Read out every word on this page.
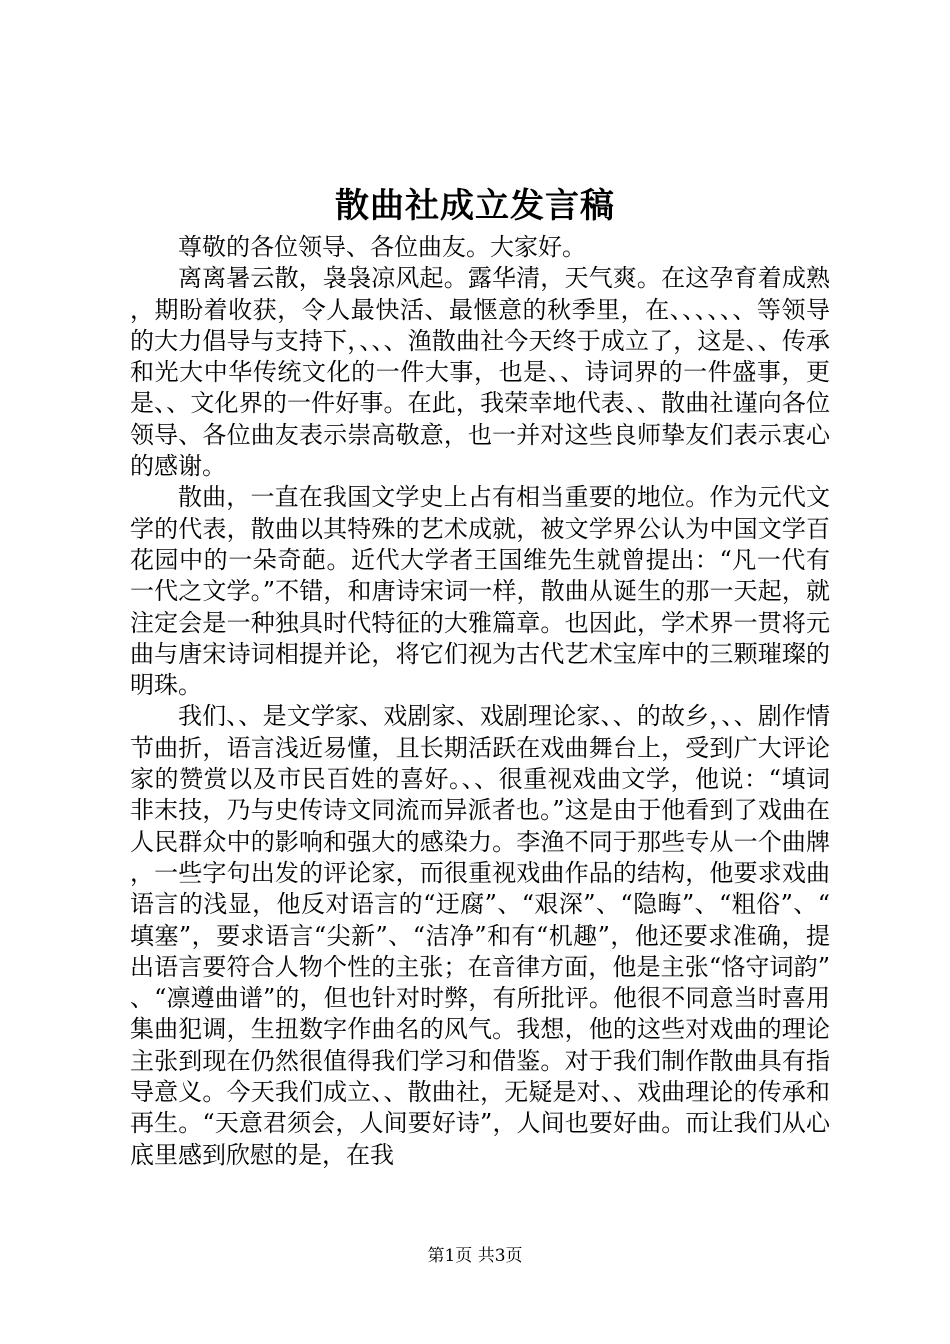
散曲社成立发言稿

尊敬的各位领导、各位曲友。大家好。

离离暑云散，袅袅凉风起。露华清，天气爽。在这孕育着成熟，期盼着收获，令人最快活、最惬意的秋季里，在、、、、、、等领导的大力倡导与支持下，、、、渔散曲社今天终于成立了，这是、、传承和光大中华传统文化的一件大事，也是、、诗词界的一件盛事，更是、、文化界的一件好事。在此，我荣幸地代表、、散曲社谨向各位领导、各位曲友表示崇高敬意，也一并对这些良师挚友们表示衷心的感谢。

散曲，一直在我国文学史上占有相当重要的地位。作为元代文学的代表，散曲以其特殊的艺术成就，被文学界公认为中国文学百花园中的一朵奇葩。近代大学者王国维先生就曾提出：“凡一代有一代之文学。”不错，和唐诗宋词一样，散曲从诞生的那一天起，就注定会是一种独具时代特征的大雅篇章。也因此，学术界一贯将元曲与唐宋诗词相提并论，将它们视为古代艺术宝库中的三颗璀璨的明珠。

我们、、是文学家、戏剧家、戏剧理论家、、的故乡，、、剧作情节曲折，语言浅近易懂，且长期活跃在戏曲舞台上，受到广大评论家的赞赏以及市民百姓的喜好。、、很重视戏曲文学，他说：“填词非末技，乃与史传诗文同流而异派者也。”这是由于他看到了戏曲在人民群众中的影响和强大的感染力。李渔不同于那些专从一个曲牌，一些字句出发的评论家，而很重视戏曲作品的结构，他要求戏曲语言的浅显，他反对语言的“迂腐”、“艰深”、“隐晦”、“粗俗”、“填塞”，要求语言“尖新”、“洁净”和有“机趣”，他还要求准确，提出语言要符合人物个性的主张；在音律方面，他是主张“恪守词韵”、“凛遵曲谱”的，但也针对时弊，有所批评。他很不同意当时喜用集曲犯调，生扭数字作曲名的风气。我想，他的这些对戏曲的理论主张到现在仍然很值得我们学习和借鉴。对于我们制作散曲具有指导意义。今天我们成立、、散曲社，无疑是对、、戏曲理论的传承和再生。“天意君须会，人间要好诗”，人间也要好曲。而让我们从心底里感到欣慰的是，在我

第1页 共3页
